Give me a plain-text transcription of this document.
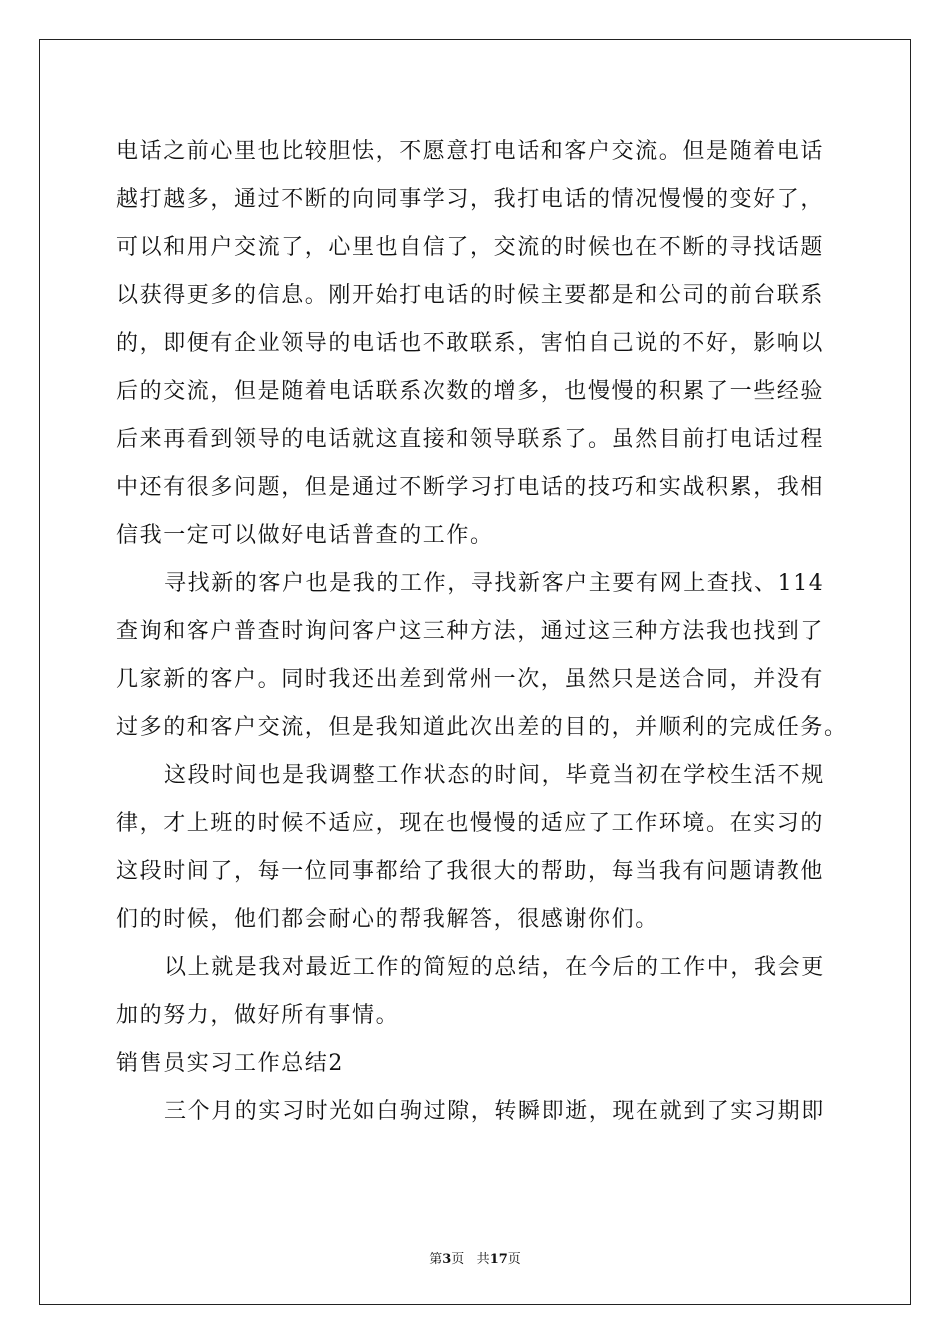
电话之前心里也比较胆怯，不愿意打电话和客户交流。但是随着电话

越打越多，通过不断的向同事学习，我打电话的情况慢慢的变好了，

可以和用户交流了，心里也自信了，交流的时候也在不断的寻找话题

以获得更多的信息。刚开始打电话的时候主要都是和公司的前台联系

的，即便有企业领导的电话也不敢联系，害怕自己说的不好，影响以

后的交流，但是随着电话联系次数的增多，也慢慢的积累了一些经验

后来再看到领导的电话就这直接和领导联系了。虽然目前打电话过程

中还有很多问题，但是通过不断学习打电话的技巧和实战积累，我相

信我一定可以做好电话普查的工作。

寻找新的客户也是我的工作，寻找新客户主要有网上查找、114

查询和客户普查时询问客户这三种方法，通过这三种方法我也找到了

几家新的客户。同时我还出差到常州一次，虽然只是送合同，并没有

过多的和客户交流，但是我知道此次出差的目的，并顺利的完成任务。

这段时间也是我调整工作状态的时间，毕竟当初在学校生活不规

律，才上班的时候不适应，现在也慢慢的适应了工作环境。在实习的

这段时间了，每一位同事都给了我很大的帮助，每当我有问题请教他

们的时候，他们都会耐心的帮我解答，很感谢你们。

以上就是我对最近工作的简短的总结，在今后的工作中，我会更

加的努力，做好所有事情。

销售员实习工作总结2

三个月的实习时光如白驹过隙，转瞬即逝，现在就到了实习期即

第3页 共17页
